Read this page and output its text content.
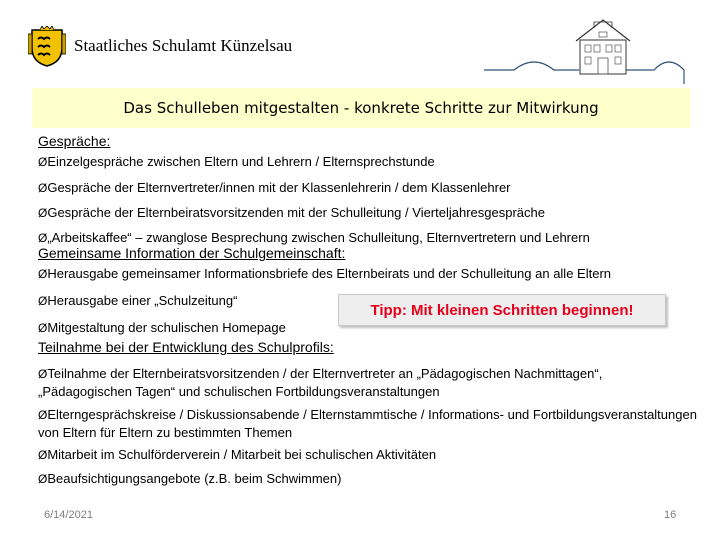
Staatliches Schulamt Künzelsau
Das Schulleben mitgestalten - konkrete Schritte zur Mitwirkung
Gespräche:
ØEinzelgespräche zwischen Eltern und Lehrern / Elternsprechstunde
ØGespräche der Elternvertreter/innen mit der Klassenlehrerin / dem Klassenlehrer
ØGespräche der Elternbeiratsvorsitzenden mit der Schulleitung / Vierteljahresgespräche
Ø„Arbeitskaffee“ – zwanglose Besprechung zwischen Schulleitung, Elternvertretern und Lehrern
Gemeinsame Information der Schulgemeinschaft:
ØHerausgabe gemeinsamer Informationsbriefe des Elternbeirats und der Schulleitung an alle Eltern
ØHerausgabe einer „Schulzeitung“
ØMitgestaltung der schulischen Homepage
Tipp: Mit kleinen Schritten beginnen!
Teilnahme bei der Entwicklung des Schulprofils:
ØTeilnahme der Elternbeiratsvorsitzenden / der Elternvertreter an „Pädagogischen Nachmittagen“, „Pädagogischen Tagen“ und schulischen Fortbildungsveranstaltungen
ØElterngesprächskreise / Diskussionsabende / Elternstammtische / Informations- und Fortbildungsveranstaltungen von Eltern für Eltern zu bestimmten Themen
ØMitarbeit im Schulförderverein / Mitarbeit bei schulischen Aktivitäten
ØBeaufsichtigungsangebote (z.B. beim Schwimmen)
6/14/2021	16
